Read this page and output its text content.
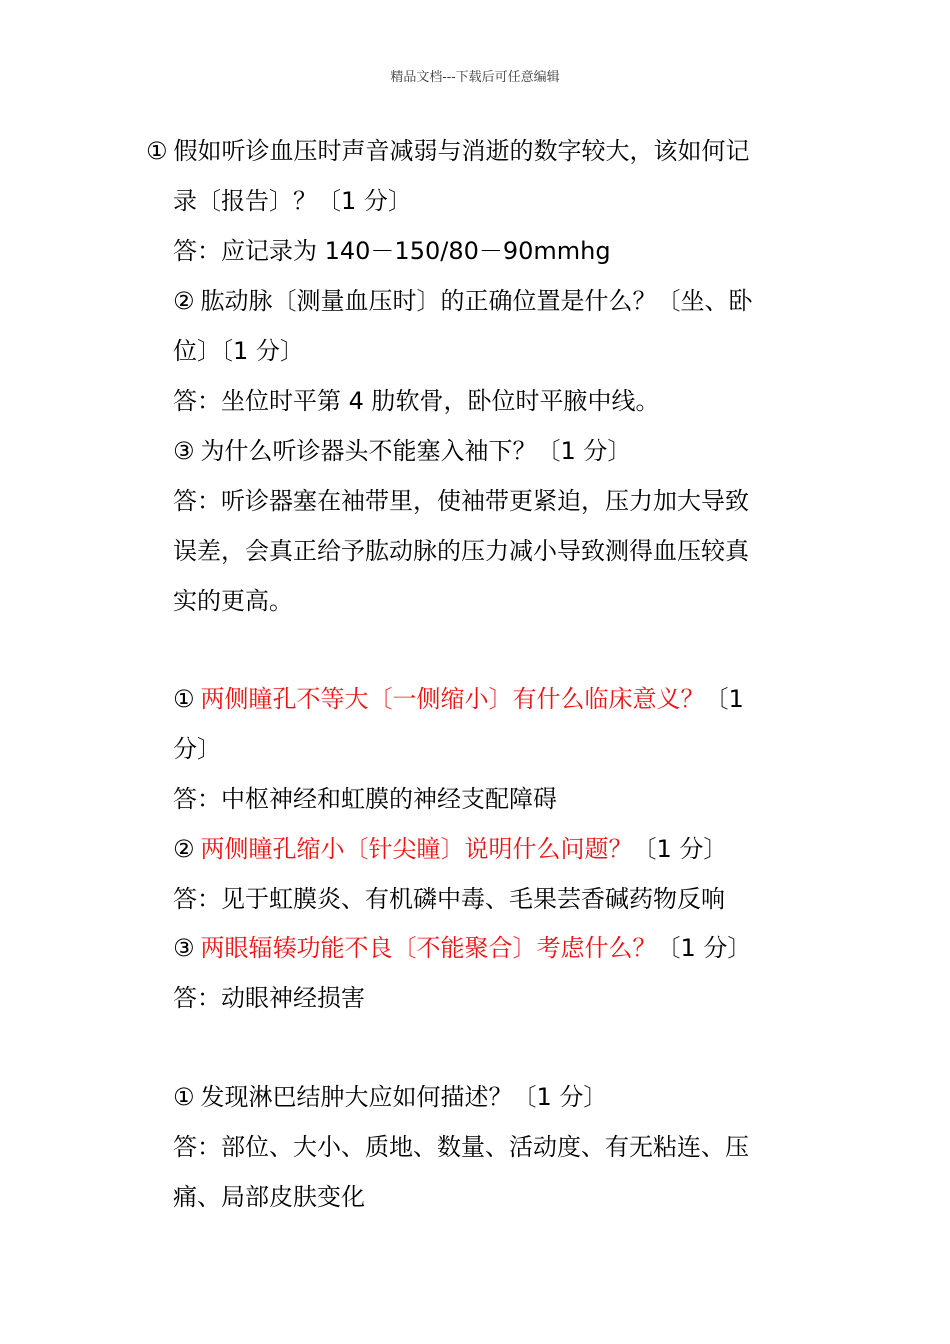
精品文档---下载后可任意编辑
① 假如听诊血压时声音减弱与消逝的数字较大，该如何记
录〔报告〕？〔1 分〕
答：应记录为 140－150/80－90mmhg
② 肱动脉〔测量血压时〕的正确位置是什么？〔坐、卧
位〕〔1 分〕
答：坐位时平第 4 肋软骨，卧位时平腋中线。
③ 为什么听诊器头不能塞入袖下？〔1 分〕
答：听诊器塞在袖带里，使袖带更紧迫，压力加大导致
误差，会真正给予肱动脉的压力减小导致测得血压较真
实的更高。
① 两侧瞳孔不等大〔一侧缩小〕有什么临床意义？〔1
分〕
答：中枢神经和虹膜的神经支配障碍
② 两侧瞳孔缩小〔针尖瞳〕说明什么问题？〔1 分〕
答：见于虹膜炎、有机磷中毒、毛果芸香碱药物反响
③ 两眼辐辏功能不良〔不能聚合〕考虑什么？〔1 分〕
答：动眼神经损害
① 发现淋巴结肿大应如何描述？〔1 分〕
答：部位、大小、质地、数量、活动度、有无粘连、压
痛、局部皮肤变化
